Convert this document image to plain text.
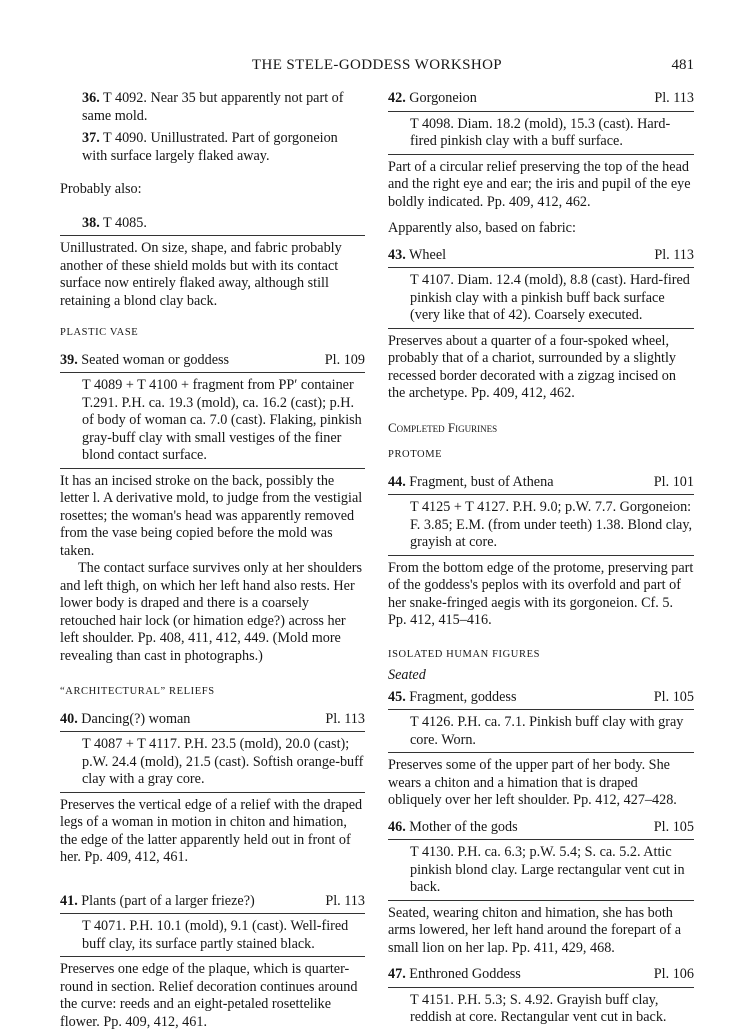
THE STELE-GODDESS WORKSHOP	481

36. T 4092. Near 35 but apparently not part of same mold.

37. T 4090. Unillustrated. Part of gorgoneion with surface largely flaked away.

Probably also:

38. T 4085.

Unillustrated. On size, shape, and fabric probably another of these shield molds but with its contact surface now entirely flaked away, although still retaining a blond clay back.

PLASTIC VASE
39. Seated woman or goddess	Pl. 109

T 4089 + T 4100 + fragment from PP′ container T.291. P.H. ca. 19.3 (mold), ca. 16.2 (cast); p.H. of body of woman ca. 7.0 (cast). Flaking, pinkish gray-buff clay with small vestiges of the finer blond contact surface.

It has an incised stroke on the back, possibly the letter l. A derivative mold, to judge from the vestigial rosettes; the woman's head was apparently removed from the vase being copied before the mold was taken.

The contact surface survives only at her shoulders and left thigh, on which her left hand also rests. Her lower body is draped and there is a coarsely retouched hair lock (or himation edge?) across her left shoulder. Pp. 408, 411, 412, 449. (Mold more revealing than cast in photographs.)

“ARCHITECTURAL” RELIEFS
40. Dancing(?) woman	Pl. 113

T 4087 + T 4117. P.H. 23.5 (mold), 20.0 (cast); p.W. 24.4 (mold), 21.5 (cast). Softish orange-buff clay with a gray core.

Preserves the vertical edge of a relief with the draped legs of a woman in motion in chiton and himation, the edge of the latter apparently held out in front of her. Pp. 409, 412, 461.

41. Plants (part of a larger frieze?)	Pl. 113

T 4071. P.H. 10.1 (mold), 9.1 (cast). Well-fired buff clay, its surface partly stained black.

Preserves one edge of the plaque, which is quarter-round in section. Relief decoration continues around the curve: reeds and an eight-petaled rosettelike flower. Pp. 409, 412, 461.

42. Gorgoneion	Pl. 113

T 4098. Diam. 18.2 (mold), 15.3 (cast). Hard-fired pinkish clay with a buff surface.

Part of a circular relief preserving the top of the head and the right eye and ear; the iris and pupil of the eye boldly indicated. Pp. 409, 412, 462.

Apparently also, based on fabric:

43. Wheel	Pl. 113

T 4107. Diam. 12.4 (mold), 8.8 (cast). Hard-fired pinkish clay with a pinkish buff back surface (very like that of 42). Coarsely executed.

Preserves about a quarter of a four-spoked wheel, probably that of a chariot, surrounded by a slightly recessed border decorated with a zigzag incised on the archetype. Pp. 409, 412, 462.

Completed Figurines
PROTOME
44. Fragment, bust of Athena	Pl. 101

T 4125 + T 4127. P.H. 9.0; p.W. 7.7. Gorgoneion: F. 3.85; E.M. (from under teeth) 1.38. Blond clay, grayish at core.

From the bottom edge of the protome, preserving part of the goddess's peplos with its overfold and part of her snake-fringed aegis with its gorgoneion. Cf. 5. Pp. 412, 415–416.

ISOLATED HUMAN FIGURES

Seated

45. Fragment, goddess	Pl. 105

T 4126. P.H. ca. 7.1. Pinkish buff clay with gray core. Worn.

Preserves some of the upper part of her body. She wears a chiton and a himation that is draped obliquely over her left shoulder. Pp. 412, 427–428.

46. Mother of the gods	Pl. 105

T 4130. P.H. ca. 6.3; p.W. 5.4; S. ca. 5.2. Attic pinkish blond clay. Large rectangular vent cut in back.

Seated, wearing chiton and himation, she has both arms lowered, her left hand around the forepart of a small lion on her lap. Pp. 411, 429, 468.

47. Enthroned Goddess	Pl. 106

T 4151. P.H. 5.3; S. 4.92. Grayish buff clay, reddish at core. Rectangular vent cut in back.
